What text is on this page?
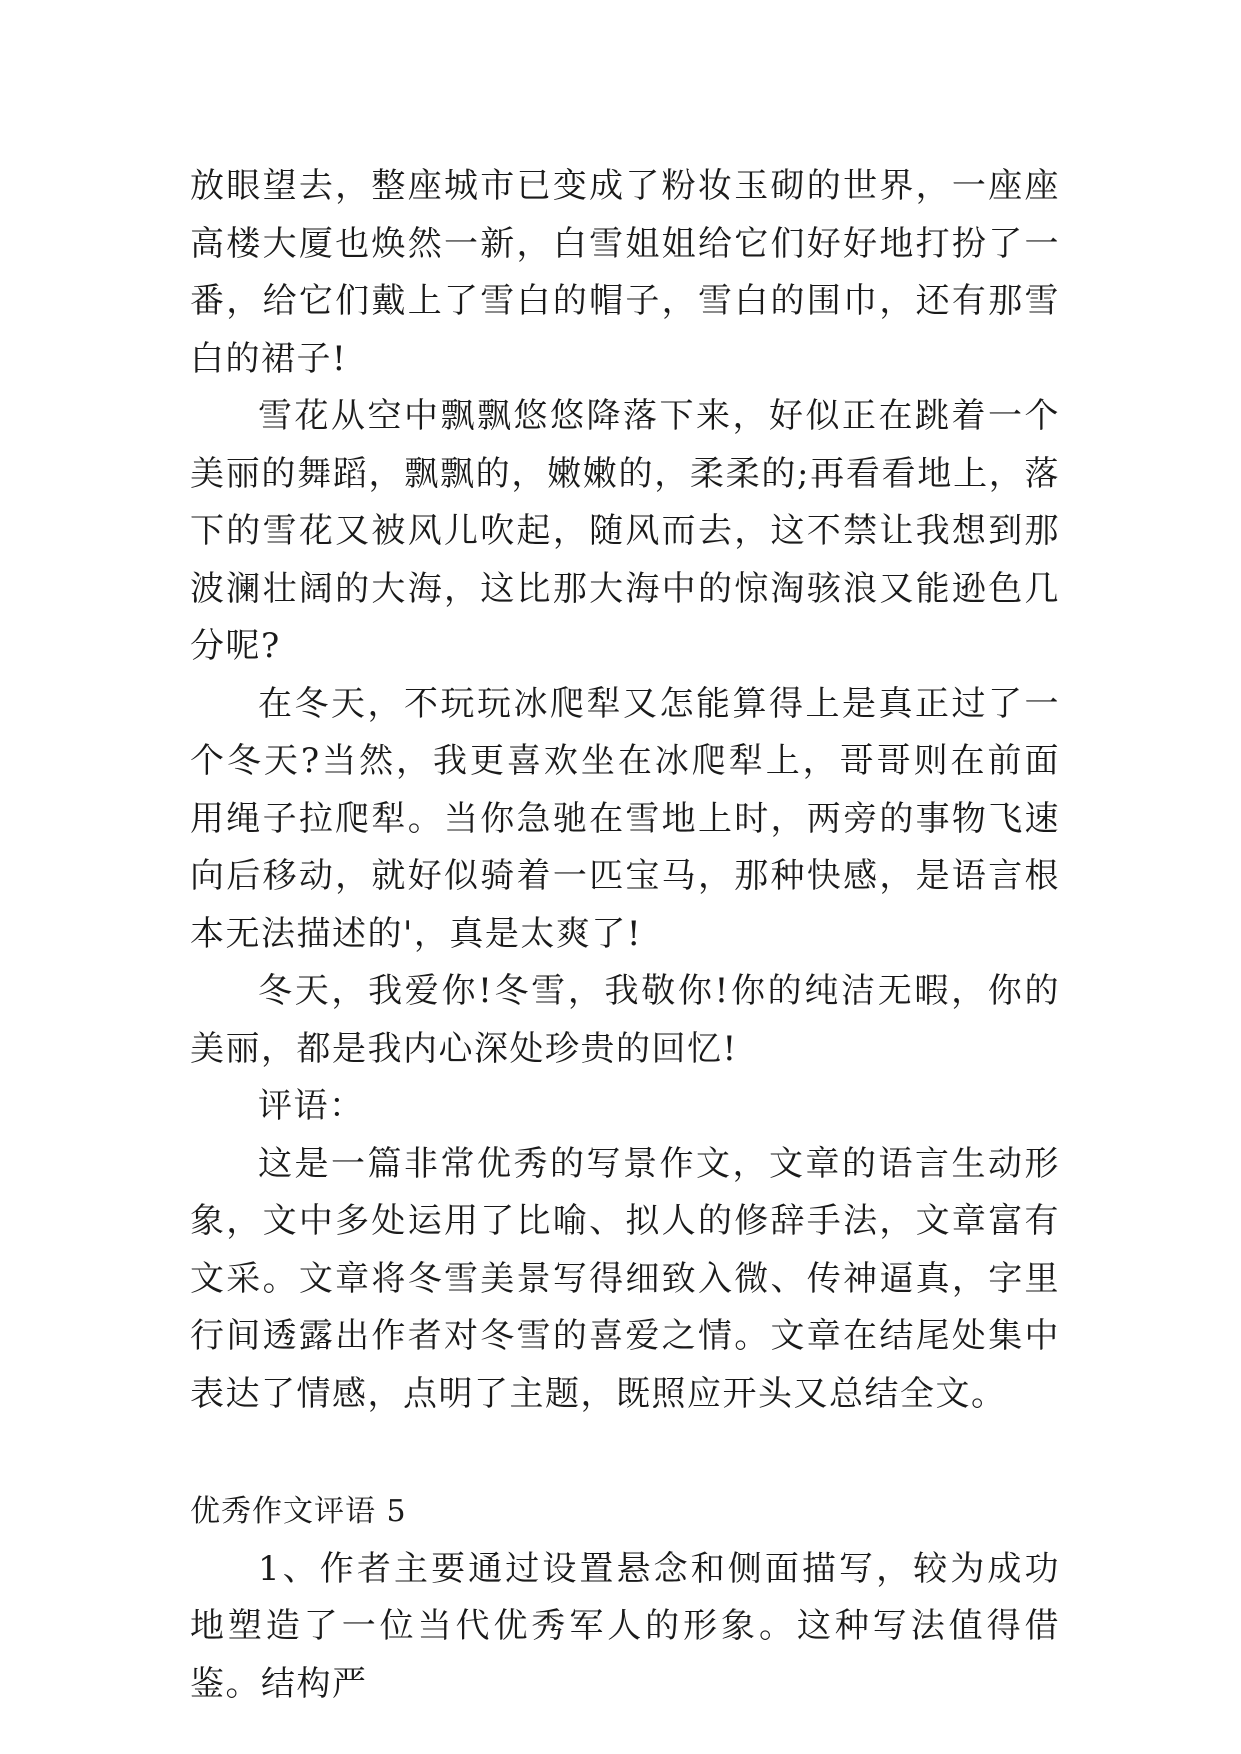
放眼望去，整座城市已变成了粉妆玉砌的世界，一座座高楼大厦也焕然一新，白雪姐姐给它们好好地打扮了一番，给它们戴上了雪白的帽子，雪白的围巾，还有那雪白的裙子!

雪花从空中飘飘悠悠降落下来，好似正在跳着一个美丽的舞蹈，飘飘的，嫩嫩的，柔柔的;再看看地上，落下的雪花又被风儿吹起，随风而去，这不禁让我想到那波澜壮阔的大海，这比那大海中的惊淘骇浪又能逊色几分呢?

在冬天，不玩玩冰爬犁又怎能算得上是真正过了一个冬天?当然，我更喜欢坐在冰爬犁上，哥哥则在前面用绳子拉爬犁。当你急驰在雪地上时，两旁的事物飞速向后移动，就好似骑着一匹宝马，那种快感，是语言根本无法描述的'，真是太爽了!

冬天，我爱你!冬雪，我敬你!你的纯洁无暇，你的美丽，都是我内心深处珍贵的回忆!

评语：

这是一篇非常优秀的写景作文，文章的语言生动形象，文中多处运用了比喻、拟人的修辞手法，文章富有文采。文章将冬雪美景写得细致入微、传神逼真，字里行间透露出作者对冬雪的喜爱之情。文章在结尾处集中表达了情感，点明了主题，既照应开头又总结全文。

优秀作文评语 5

1、作者主要通过设置悬念和侧面描写，较为成功地塑造了一位当代优秀军人的形象。这种写法值得借鉴。结构严
